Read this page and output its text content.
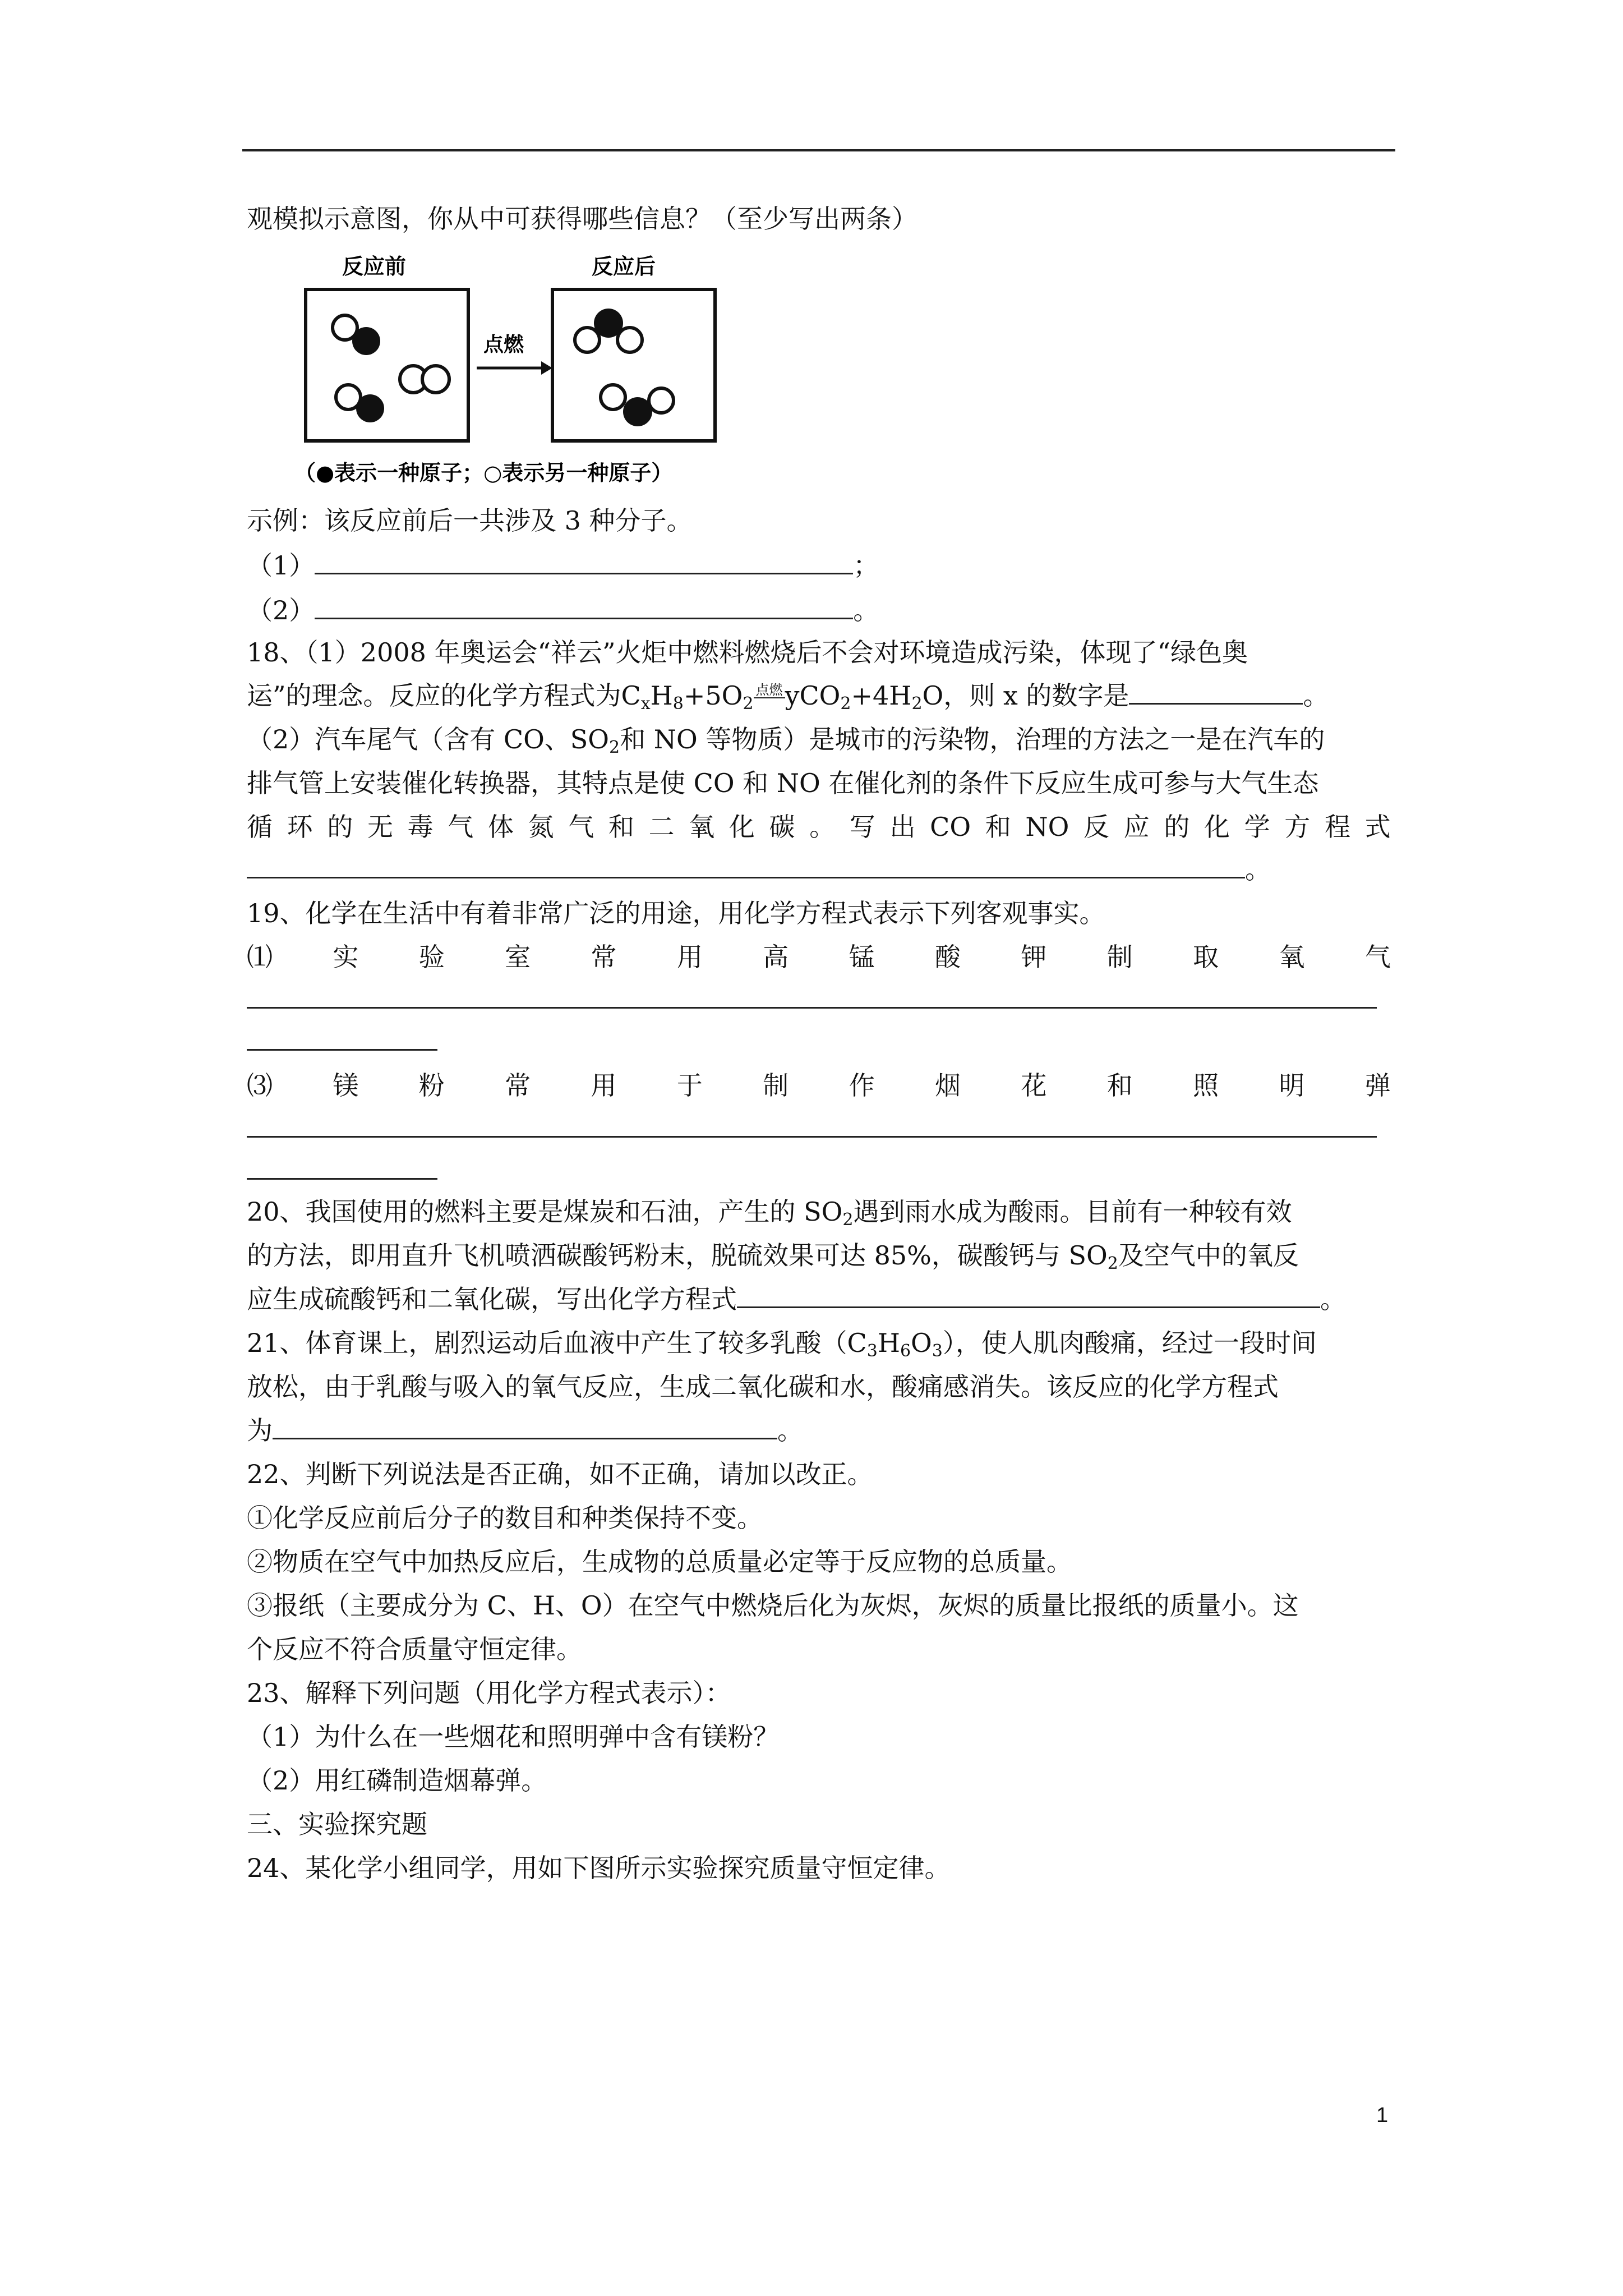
观模拟示意图，你从中可获得哪些信息？（至少写出两条）
反应前	反应后
点燃
（●表示一种原子；○表示另一种原子）
示例：该反应前后一共涉及 3 种分子。
（1）	；
（2）	。
18、（1）2008 年奥运会“祥云”火炬中燃料燃烧后不会对环境造成污染，体现了“绿色奥
运”的理念。反应的化学方程式为$C_xH_8+5O_2$点燃$yCO_2+4H_2O$，则 x 的数字是	。
（2）汽车尾气（含有 CO、$SO_2$和 NO 等物质）是城市的污染物，治理的方法之一是在汽车的
排气管上安装催化转换器，其特点是使 CO 和 NO 在催化剂的条件下反应生成可参与大气生态
循 环 的 无 毒 气 体 氮 气 和 二 氧 化 碳 。 写 出 CO 和 NO 反 应 的 化 学 方 程 式
。
19、化学在生活中有着非常广泛的用途，用化学方程式表示下列客观事实。
⑴ 实 验 室 常 用 高 锰 酸 钾 制 取 氧 气
⑶ 镁 粉 常 用 于 制 作 烟 花 和 照 明 弹
20、我国使用的燃料主要是煤炭和石油，产生的 $SO_2$遇到雨水成为酸雨。目前有一种较有效
的方法，即用直升飞机喷洒碳酸钙粉末，脱硫效果可达 85%，碳酸钙与 $SO_2$及空气中的氧反
应生成硫酸钙和二氧化碳，写出化学方程式	。
21、体育课上，剧烈运动后血液中产生了较多乳酸$(C_3H_6O_3)$，使人肌肉酸痛，经过一段时间
放松，由于乳酸与吸入的氧气反应，生成二氧化碳和水，酸痛感消失。该反应的化学方程式
为	。
22、判断下列说法是否正确，如不正确，请加以改正。
①化学反应前后分子的数目和种类保持不变。
②物质在空气中加热反应后，生成物的总质量必定等于反应物的总质量。
③报纸（主要成分为 C、H、O）在空气中燃烧后化为灰烬，灰烬的质量比报纸的质量小。这
个反应不符合质量守恒定律。
23、解释下列问题（用化学方程式表示）：
（1）为什么在一些烟花和照明弹中含有镁粉？
（2）用红磷制造烟幕弹。
三、实验探究题
24、某化学小组同学，用如下图所示实验探究质量守恒定律。
1
